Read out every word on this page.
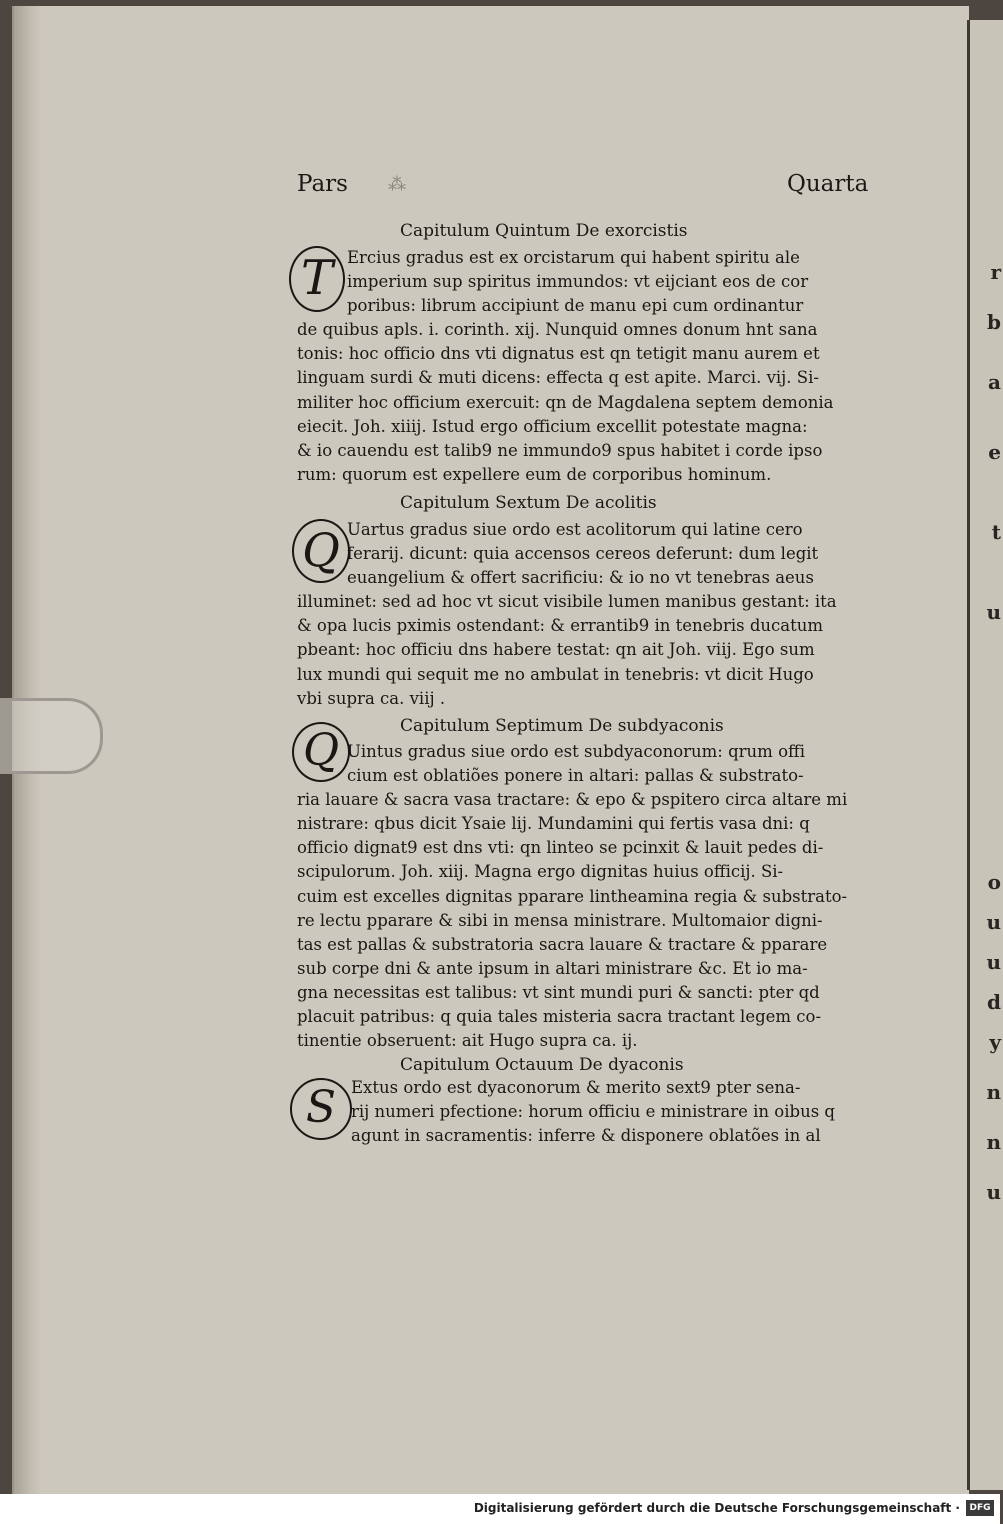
Pars ⁂	Quarta
Capitulum Quintum De exorcistis
T Ercius gradus est ex orcistarum qui habent spiritu ale
imperium sup spiritus immundos: vt eijciant eos de cor
poribus: librum accipiunt de manu epi cum ordinantur
de quibus apls. i. corinth. xij. Nunquid omnes donum hnt sana
tonis: hoc officio dns vti dignatus est qn tetigit manu aurem et
linguam surdi & muti dicens: effecta q est apite. Marci. vij. Si-
militer hoc officium exercuit: qn de Magdalena septem demonia
eiecit. Joh. xiiij. Istud ergo officium excellit potestate magna:
& io cauendu est talib9 ne immundo9 spus habitet i corde ipso
rum: quorum est expellere eum de corporibus hominum.
Capitulum Sextum De acolitis
Q Uartus gradus siue ordo est acolitorum qui latine cero
ferarij. dicunt: quia accensos cereos deferunt: dum legit
euangelium & offert sacrificiu: & io no vt tenebras aeus
illuminet: sed ad hoc vt sicut visibile lumen manibus gestant: ita
& opa lucis pximis ostendant: & errantib9 in tenebris ducatum
pbeant: hoc officiu dns habere testat: qn ait Joh. viij. Ego sum
lux mundi qui sequit me no ambulat in tenebris: vt dicit Hugo
vbi supra ca. viij .
Capitulum Septimum De subdyaconis
Q Uintus gradus siue ordo est subdyaconorum: qrum offi
cium est oblatiões ponere in altari: pallas & substrato-
ria lauare & sacra vasa tractare: & epo & pspitero circa altare mi
nistrare: qbus dicit Ysaie lij. Mundamini qui fertis vasa dni: q
officio dignat9 est dns vti: qn linteo se pcinxit & lauit pedes di-
scipulorum. Joh. xiij. Magna ergo dignitas huius officij. Si-
cuim est excelles dignitas pparare lintheamina regia & substrato-
re lectu pparare & sibi in mensa ministrare. Multomaior digni-
tas est pallas & substratoria sacra lauare & tractare & pparare
sub corpe dni & ante ipsum in altari ministrare &c. Et io ma-
gna necessitas est talibus: vt sint mundi puri & sancti: pter qd
placuit patribus: q quia tales misteria sacra tractant legem co-
tinentie obseruent: ait Hugo supra ca. ij.
Capitulum Octauum De dyaconis
S Extus ordo est dyaconorum & merito sext9 pter sena-
rij numeri pfectione: horum officiu e ministrare in oibus q
agunt in sacramentis: inferre & disponere oblatões in al
r
b
a
e
t
u
o
u
u
d
y
n
n
u
Digitalisierung gefördert durch die Deutsche Forschungsgemeinschaft ·	DFG
